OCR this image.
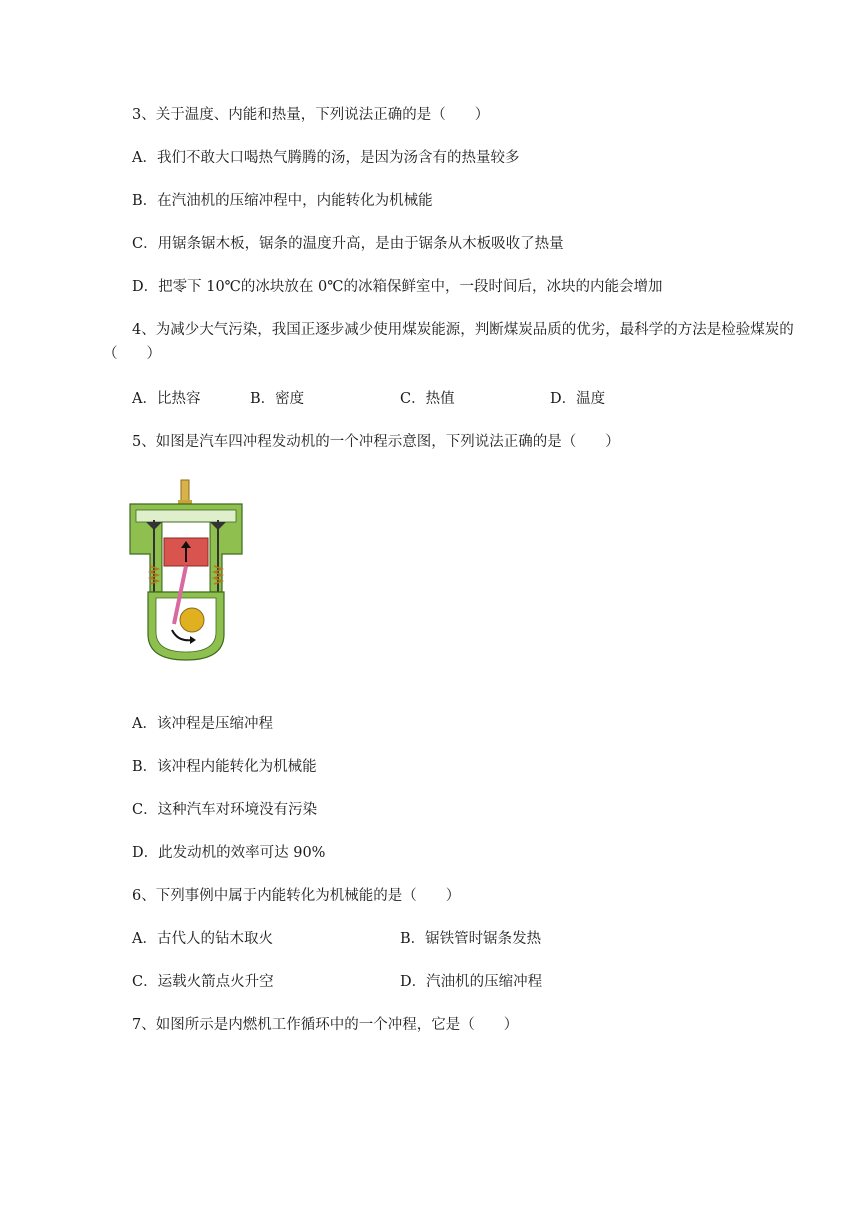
3、关于温度、内能和热量，下列说法正确的是（　　）
A．我们不敢大口喝热气腾腾的汤，是因为汤含有的热量较多
B．在汽油机的压缩冲程中，内能转化为机械能
C．用锯条锯木板，锯条的温度升高，是由于锯条从木板吸收了热量
D．把零下 10℃的冰块放在 0℃的冰箱保鲜室中，一段时间后，冰块的内能会增加
4、为减少大气污染，我国正逐步减少使用煤炭能源，判断煤炭品质的优劣，最科学的方法是检验煤炭的（　　）
A．比热容	B．密度	C．热值	D．温度
5、如图是汽车四冲程发动机的一个冲程示意图，下列说法正确的是（　　）
A．该冲程是压缩冲程
B．该冲程内能转化为机械能
C．这种汽车对环境没有污染
D．此发动机的效率可达 90%
6、下列事例中属于内能转化为机械能的是（　　）
A．古代人的钻木取火	B．锯铁管时锯条发热
C．运载火箭点火升空	D．汽油机的压缩冲程
7、如图所示是内燃机工作循环中的一个冲程，它是（　　）
